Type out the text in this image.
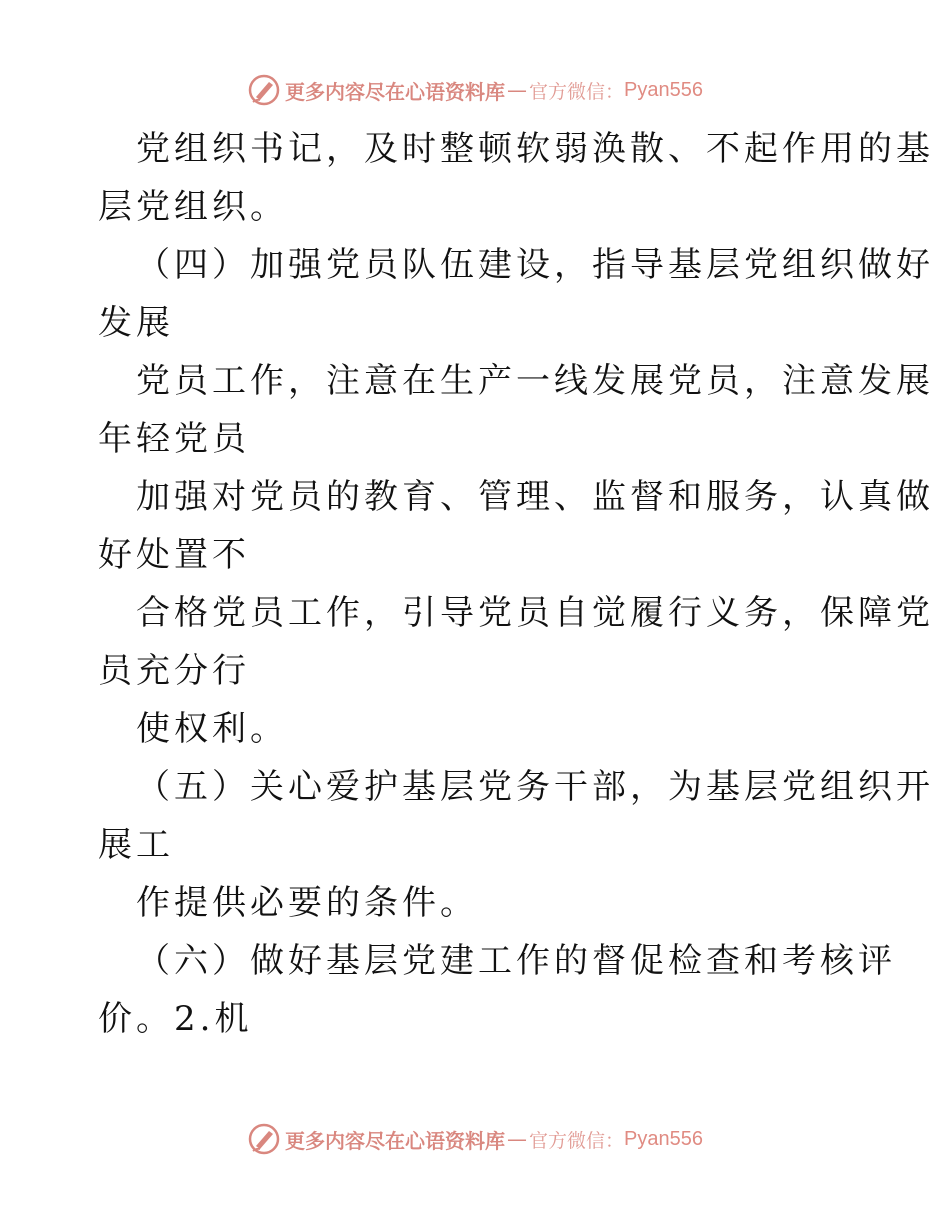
更多内容尽在心语资料库 — 官方微信： Pyan556
党组织书记，及时整顿软弱涣散、不起作用的基
层党组织。
（四）加强党员队伍建设，指导基层党组织做好
发展
党员工作，注意在生产一线发展党员，注意发展
年轻党员
加强对党员的教育、管理、监督和服务，认真做
好处置不
合格党员工作，引导党员自觉履行义务，保障党
员充分行
使权利。
（五）关心爱护基层党务干部，为基层党组织开
展工
作提供必要的条件。
（六）做好基层党建工作的督促检查和考核评
价。2.机
更多内容尽在心语资料库 — 官方微信： Pyan556
